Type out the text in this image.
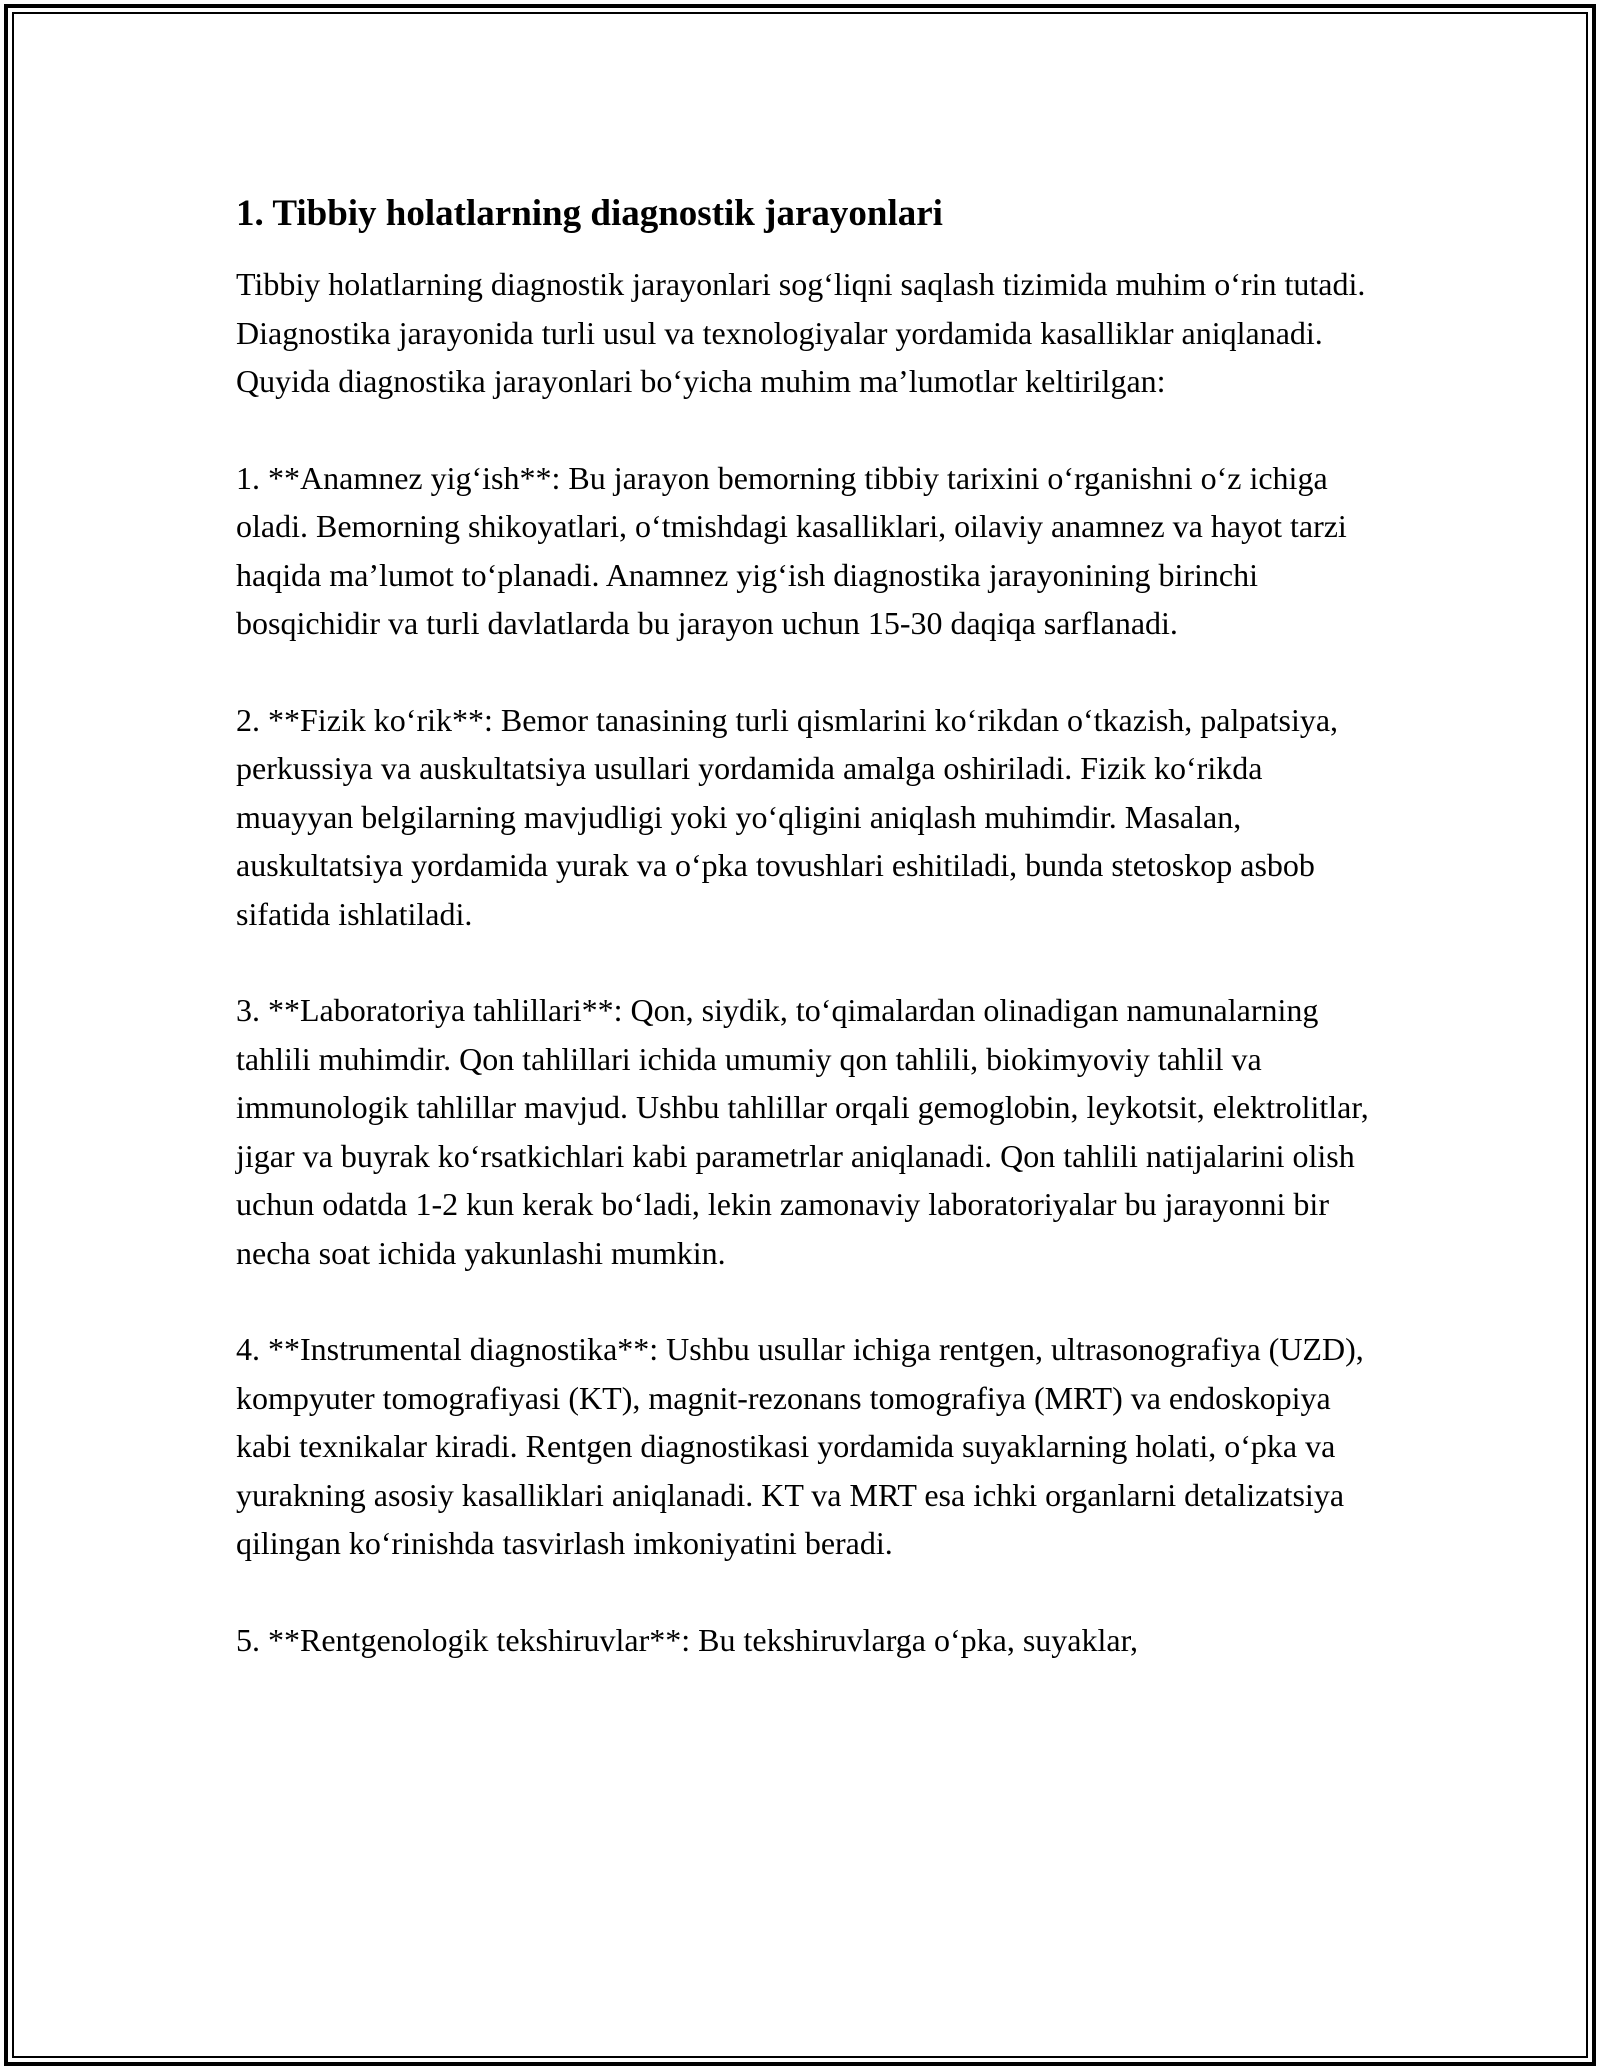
1. Tibbiy holatlarning diagnostik jarayonlari

Tibbiy holatlarning diagnostik jarayonlari sog‘liqni saqlash tizimida muhim o‘rin tutadi. Diagnostika jarayonida turli usul va texnologiyalar yordamida kasalliklar aniqlanadi. Quyida diagnostika jarayonlari bo‘yicha muhim ma’lumotlar keltirilgan:

1. **Anamnez yig‘ish**: Bu jarayon bemorning tibbiy tarixini o‘rganishni o‘z ichiga oladi. Bemorning shikoyatlari, o‘tmishdagi kasalliklari, oilaviy anamnez va hayot tarzi haqida ma’lumot to‘planadi. Anamnez yig‘ish diagnostika jarayonining birinchi bosqichidir va turli davlatlarda bu jarayon uchun 15-30 daqiqa sarflanadi.

2. **Fizik ko‘rik**: Bemor tanasining turli qismlarini ko‘rikdan o‘tkazish, palpatsiya, perkussiya va auskultatsiya usullari yordamida amalga oshiriladi. Fizik ko‘rikda muayyan belgilarning mavjudligi yoki yo‘qligini aniqlash muhimdir. Masalan, auskultatsiya yordamida yurak va o‘pka tovushlari eshitiladi, bunda stetoskop asbob sifatida ishlatiladi.

3. **Laboratoriya tahlillari**: Qon, siydik, to‘qimalardan olinadigan namunalarning tahlili muhimdir. Qon tahlillari ichida umumiy qon tahlili, biokimyoviy tahlil va immunologik tahlillar mavjud. Ushbu tahlillar orqali gemoglobin, leykotsit, elektrolitlar, jigar va buyrak ko‘rsatkichlari kabi parametrlar aniqlanadi. Qon tahlili natijalarini olish uchun odatda 1-2 kun kerak bo‘ladi, lekin zamonaviy laboratoriyalar bu jarayonni bir necha soat ichida yakunlashi mumkin.

4. **Instrumental diagnostika**: Ushbu usullar ichiga rentgen, ultrasonografiya (UZD), kompyuter tomografiyasi (KT), magnit-rezonans tomografiya (MRT) va endoskopiya kabi texnikalar kiradi. Rentgen diagnostikasi yordamida suyaklarning holati, o‘pka va yurakning asosiy kasalliklari aniqlanadi. KT va MRT esa ichki organlarni detalizatsiya qilingan ko‘rinishda tasvirlash imkoniyatini beradi.

5. **Rentgenologik tekshiruvlar**: Bu tekshiruvlarga o‘pka, suyaklar,
